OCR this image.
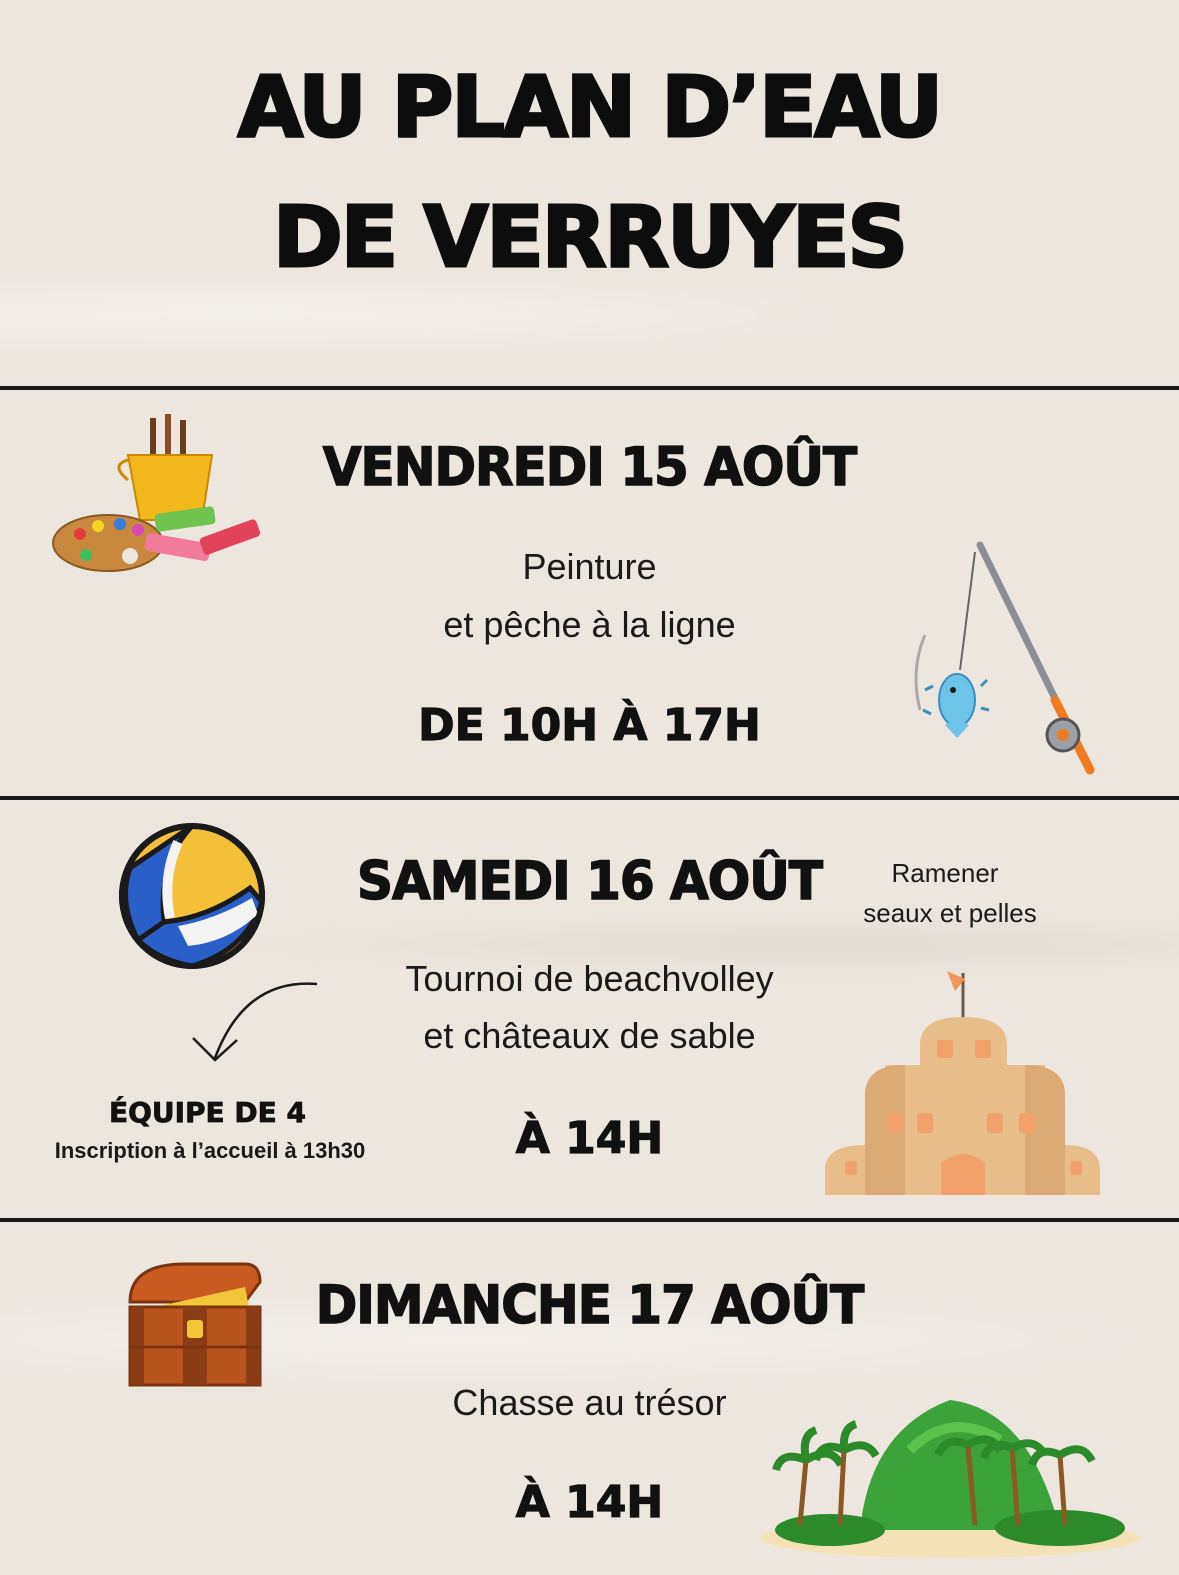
AU PLAN D’EAU
DE VERRUYES
VENDREDI 15 AOÛT
Peinture
et pêche à la ligne
DE 10H À 17H
SAMEDI 16 AOÛT
Tournoi de beachvolley
et châteaux de sable
À 14H
Ramener
seaux et pelles
ÉQUIPE DE 4
Inscription à l’accueil à 13h30
DIMANCHE 17 AOÛT
Chasse au trésor
À 14H
